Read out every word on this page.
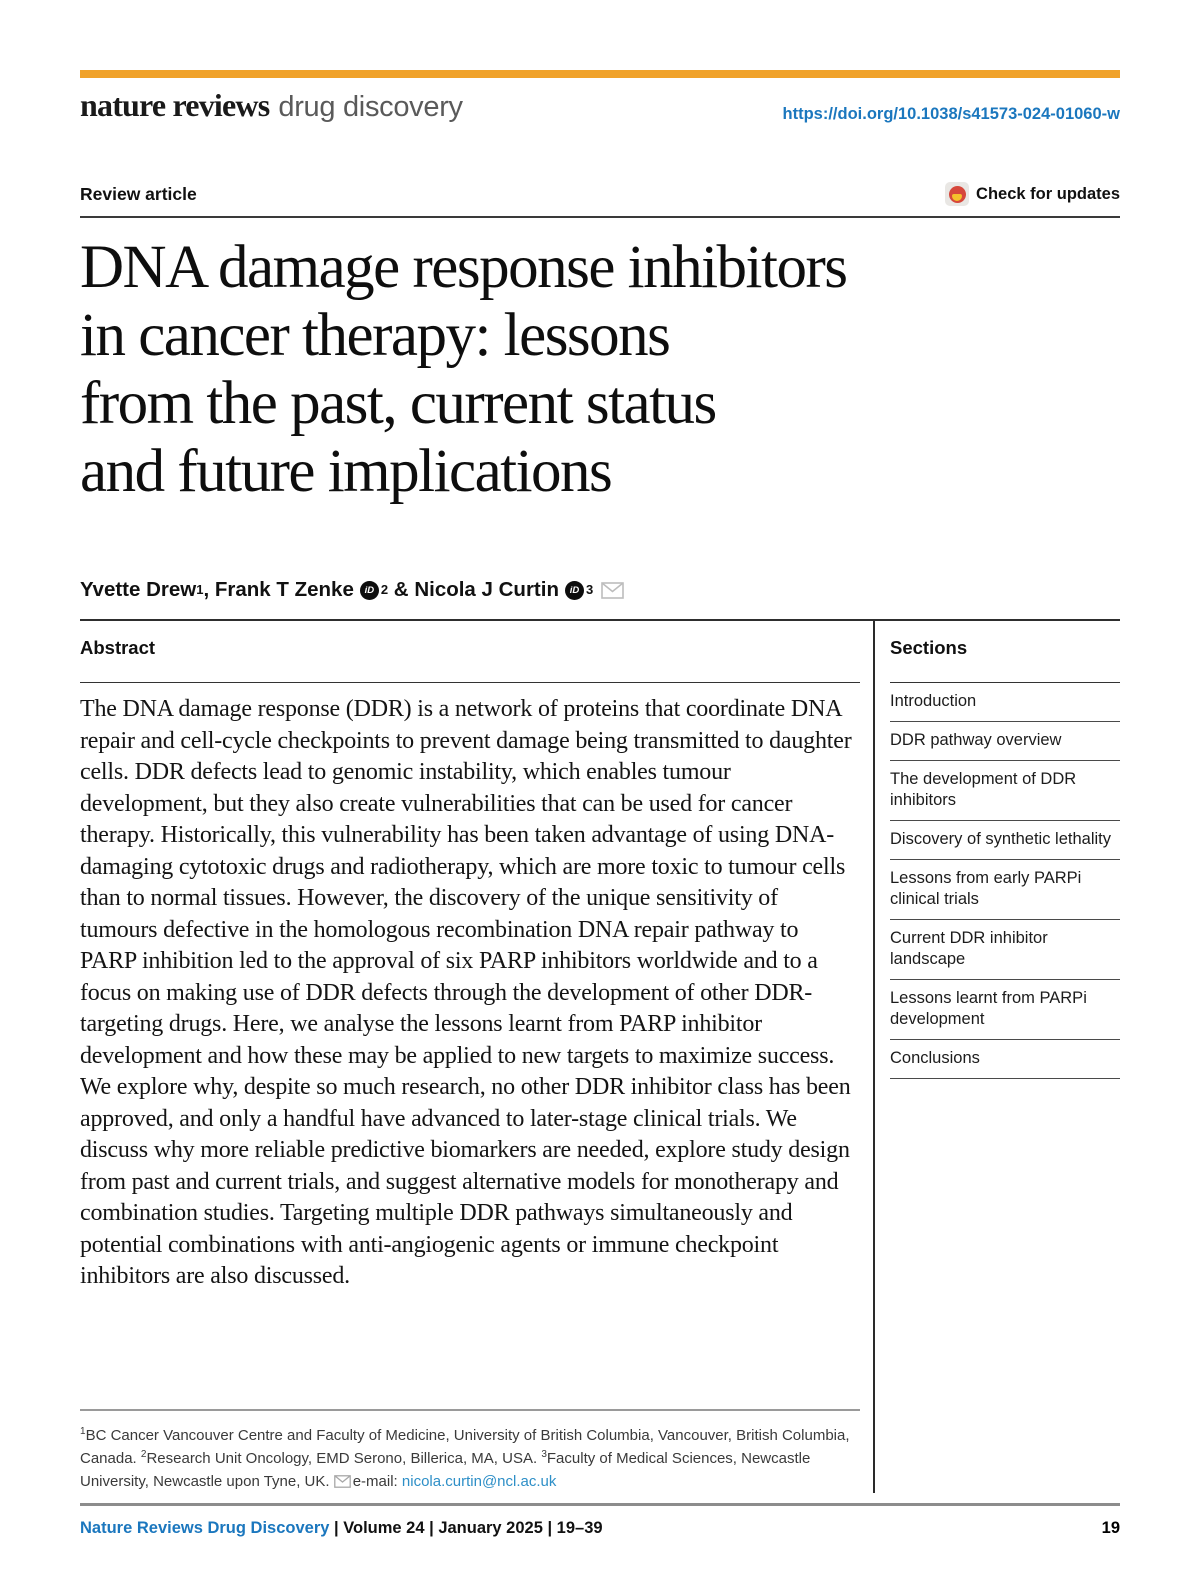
nature reviews drug discovery	https://doi.org/10.1038/s41573-024-01060-w
Review article	Check for updates
DNA damage response inhibitors
in cancer therapy: lessons
from the past, current status
and future implications
Yvette Drew 1 , Frank T Zenke	iD 2 & Nicola J Curtin	iD 3
Abstract

The DNA damage response (DDR) is a network of proteins that coordinate DNA repair and cell-cycle checkpoints to prevent damage being transmitted to daughter cells. DDR defects lead to genomic instability, which enables tumour development, but they also create vulnerabilities that can be used for cancer therapy. Historically, this vulnerability has been taken advantage of using DNA-damaging cytotoxic drugs and radiotherapy, which are more toxic to tumour cells than to normal tissues. However, the discovery of the unique sensitivity of tumours defective in the homologous recombination DNA repair pathway to PARP inhibition led to the approval of six PARP inhibitors worldwide and to a focus on making use of DDR defects through the development of other DDR-targeting drugs. Here, we analyse the lessons learnt from PARP inhibitor development and how these may be applied to new targets to maximize success. We explore why, despite so much research, no other DDR inhibitor class has been approved, and only a handful have advanced to later-stage clinical trials. We discuss why more reliable predictive biomarkers are needed, explore study design from past and current trials, and suggest alternative models for monotherapy and combination studies. Targeting multiple DDR pathways simultaneously and potential combinations with anti-angiogenic agents or immune checkpoint inhibitors are also discussed.

$^1$BC Cancer Vancouver Centre and Faculty of Medicine, University of British Columbia, Vancouver, British Columbia, Canada. $^2$Research Unit Oncology, EMD Serono, Billerica, MA, USA. $^3$Faculty of Medical Sciences, Newcastle University, Newcastle upon Tyne, UK. e-mail: nicola.curtin@ncl.ac.uk
Sections
Introduction
DDR pathway overview
The development of DDR inhibitors
Discovery of synthetic lethality
Lessons from early PARPi clinical trials
Current DDR inhibitor landscape
Lessons learnt from PARPi development
Conclusions
Nature Reviews Drug Discovery | Volume 24 | January 2025 | 19–39	19
